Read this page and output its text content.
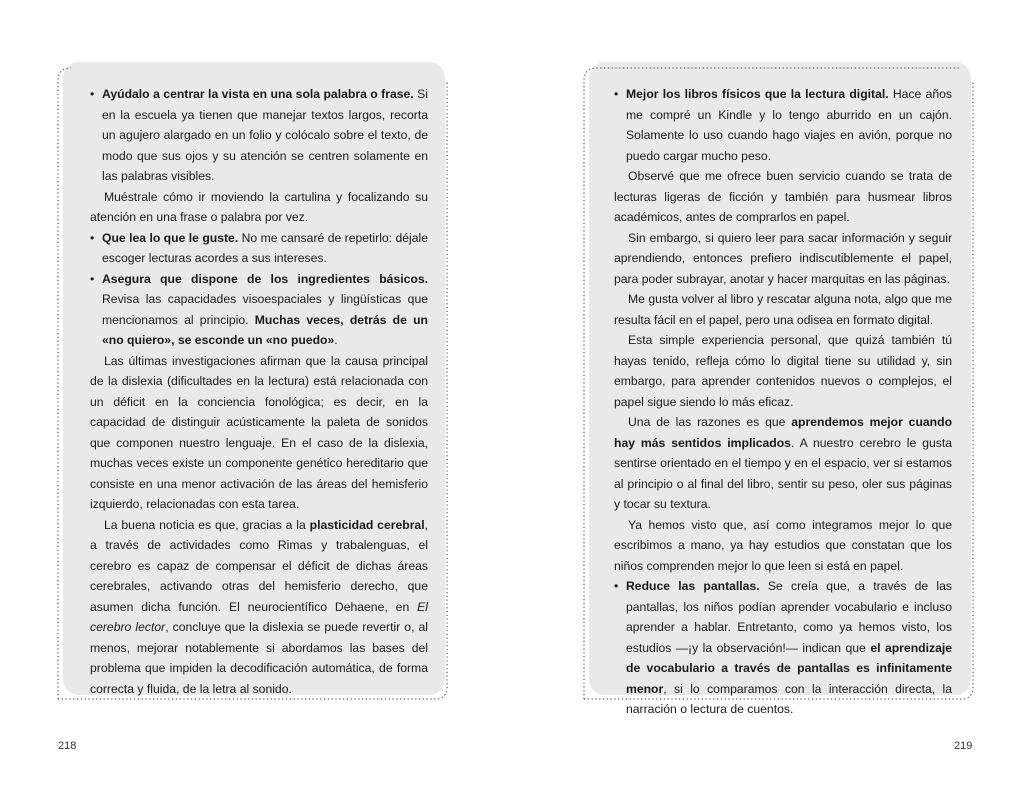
• Ayúdalo a centrar la vista en una sola palabra o frase. Si en la escuela ya tienen que manejar textos largos, recorta un agujero alargado en un folio y colócalo sobre el texto, de modo que sus ojos y su atención se centren solamente en las palabras visibles.

Muéstrale cómo ir moviendo la cartulina y focalizando su atención en una frase o palabra por vez.

• Que lea lo que le guste. No me cansaré de repetirlo: déjale escoger lecturas acordes a sus intereses.

• Asegura que dispone de los ingredientes básicos. Revisa las capacidades visoespaciales y lingüísticas que mencionamos al principio. Muchas veces, detrás de un «no quiero», se esconde un «no puedo».

Las últimas investigaciones afirman que la causa principal de la dislexia (dificultades en la lectura) está relacionada con un déficit en la conciencia fonológica; es decir, en la capacidad de distinguir acústicamente la paleta de sonidos que componen nuestro lenguaje. En el caso de la dislexia, muchas veces existe un componente genético hereditario que consiste en una menor activación de las áreas del hemisferio izquierdo, relacionadas con esta tarea.

La buena noticia es que, gracias a la plasticidad cerebral, a través de actividades como Rimas y trabalenguas, el cerebro es capaz de compensar el déficit de dichas áreas cerebrales, activando otras del hemisferio derecho, que asumen dicha función. El neurocientífico Dehaene, en El cerebro lector, concluye que la dislexia se puede revertir o, al menos, mejorar notablemente si abordamos las bases del problema que impiden la decodificación automática, de forma correcta y fluida, de la letra al sonido.

218

• Mejor los libros físicos que la lectura digital. Hace años me compré un Kindle y lo tengo aburrido en un cajón. Solamente lo uso cuando hago viajes en avión, porque no puedo cargar mucho peso.

Observé que me ofrece buen servicio cuando se trata de lecturas ligeras de ficción y también para husmear libros académicos, antes de comprarlos en papel.

Sin embargo, si quiero leer para sacar información y seguir aprendiendo, entonces prefiero indiscutiblemente el papel, para poder subrayar, anotar y hacer marquitas en las páginas.

Me gusta volver al libro y rescatar alguna nota, algo que me resulta fácil en el papel, pero una odisea en formato digital.

Esta simple experiencia personal, que quizá también tú hayas tenido, refleja cómo lo digital tiene su utilidad y, sin embargo, para aprender contenidos nuevos o complejos, el papel sigue siendo lo más eficaz.

Una de las razones es que aprendemos mejor cuando hay más sentidos implicados. A nuestro cerebro le gusta sentirse orientado en el tiempo y en el espacio, ver si estamos al principio o al final del libro, sentir su peso, oler sus páginas y tocar su textura.

Ya hemos visto que, así como integramos mejor lo que escribimos a mano, ya hay estudios que constatan que los niños comprenden mejor lo que leen si está en papel.

• Reduce las pantallas. Se creía que, a través de las pantallas, los niños podían aprender vocabulario e incluso aprender a hablar. Entretanto, como ya hemos visto, los estudios —¡y la observación!— indican que el aprendizaje de vocabulario a través de pantallas es infinitamente menor, si lo comparamos con la interacción directa, la narración o lectura de cuentos.

219
